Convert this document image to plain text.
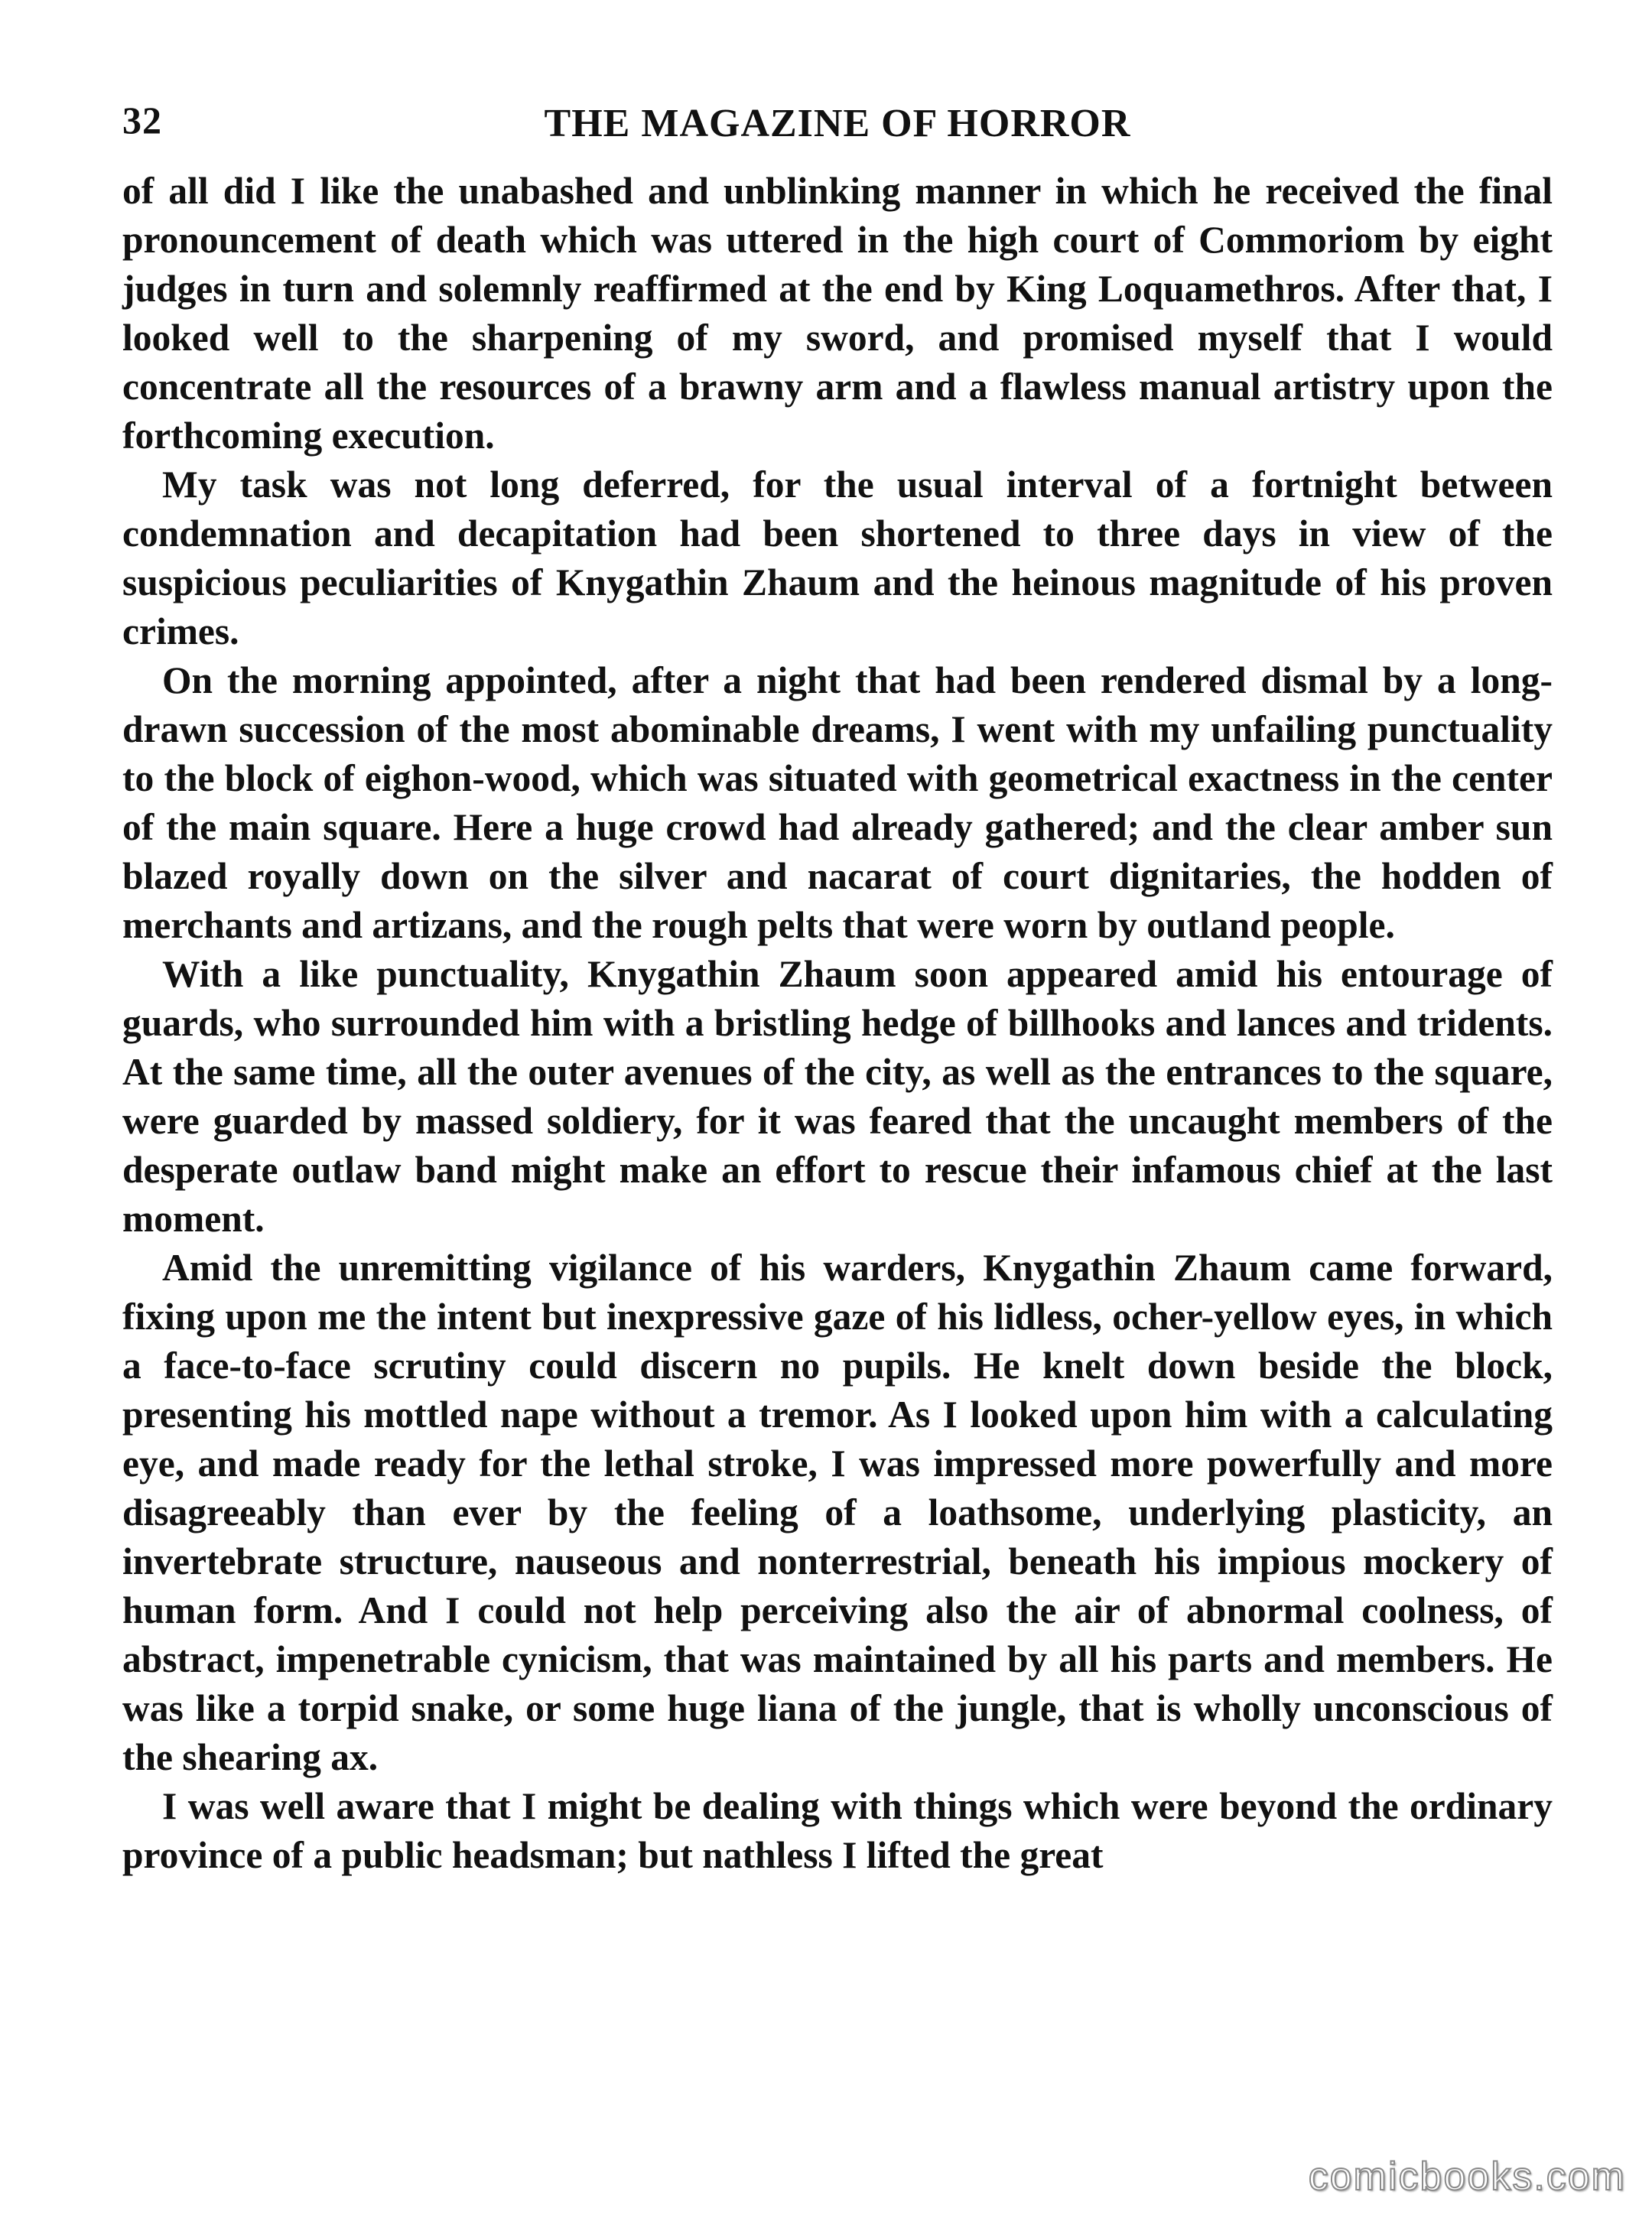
32	THE MAGAZINE OF HORROR

of all did I like the unabashed and unblinking manner in which he received the final pronouncement of death which was uttered in the high court of Commoriom by eight judges in turn and solemnly reaffirmed at the end by King Loquamethros. After that, I looked well to the sharpening of my sword, and promised myself that I would concentrate all the resources of a brawny arm and a flawless manual artistry upon the forthcoming execution.

My task was not long deferred, for the usual interval of a fortnight between condemnation and decapitation had been shortened to three days in view of the suspicious peculiarities of Knygathin Zhaum and the heinous magnitude of his proven crimes.

On the morning appointed, after a night that had been rendered dismal by a long-drawn succession of the most abominable dreams, I went with my unfailing punctuality to the block of eighon-wood, which was situated with geometrical exactness in the center of the main square. Here a huge crowd had already gathered; and the clear amber sun blazed royally down on the silver and nacarat of court dignitaries, the hodden of merchants and artizans, and the rough pelts that were worn by outland people.

With a like punctuality, Knygathin Zhaum soon appeared amid his entourage of guards, who surrounded him with a bristling hedge of billhooks and lances and tridents. At the same time, all the outer avenues of the city, as well as the entrances to the square, were guarded by massed soldiery, for it was feared that the uncaught members of the desperate outlaw band might make an effort to rescue their infamous chief at the last moment.

Amid the unremitting vigilance of his warders, Knygathin Zhaum came forward, fixing upon me the intent but inexpressive gaze of his lidless, ocher-yellow eyes, in which a face-to-face scrutiny could discern no pupils. He knelt down beside the block, presenting his mottled nape without a tremor. As I looked upon him with a calculating eye, and made ready for the lethal stroke, I was impressed more powerfully and more disagreeably than ever by the feeling of a loathsome, underlying plasticity, an invertebrate structure, nauseous and nonterrestrial, beneath his impious mockery of human form. And I could not help perceiving also the air of abnormal coolness, of abstract, impenetrable cynicism, that was maintained by all his parts and members. He was like a torpid snake, or some huge liana of the jungle, that is wholly unconscious of the shearing ax.

I was well aware that I might be dealing with things which were beyond the ordinary province of a public headsman; but nathless I lifted the great

comicbooks.com
